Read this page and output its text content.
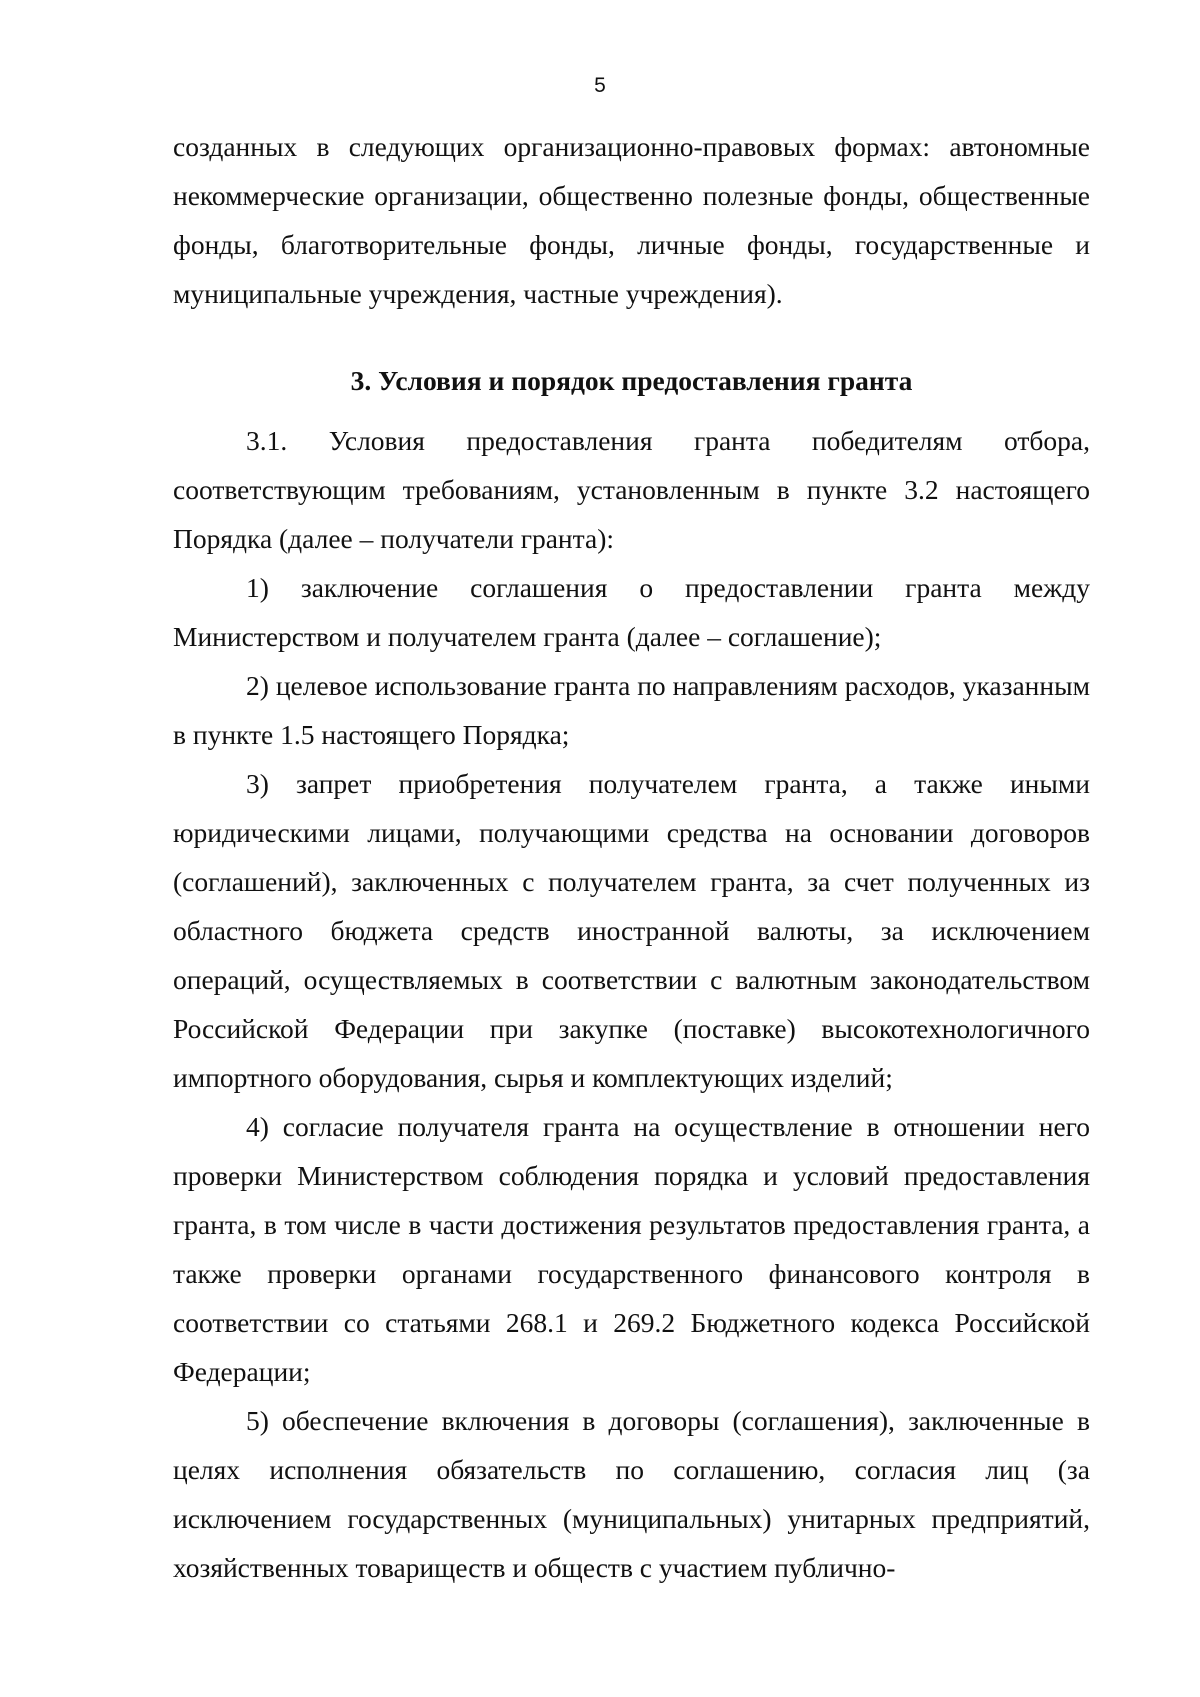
5

созданных в следующих организационно-правовых формах: автономные некоммерческие организации, общественно полезные фонды, общественные фонды, благотворительные фонды, личные фонды, государственные и муниципальные учреждения, частные учреждения).

3. Условия и порядок предоставления гранта

3.1. Условия предоставления гранта победителям отбора, соответствующим требованиям, установленным в пункте 3.2 настоящего Порядка (далее – получатели гранта):

1) заключение соглашения о предоставлении гранта между Министерством и получателем гранта (далее – соглашение);

2) целевое использование гранта по направлениям расходов, указанным в пункте 1.5 настоящего Порядка;

3) запрет приобретения получателем гранта, а также иными юридическими лицами, получающими средства на основании договоров (соглашений), заключенных с получателем гранта, за счет полученных из областного бюджета средств иностранной валюты, за исключением операций, осуществляемых в соответствии с валютным законодательством Российской Федерации при закупке (поставке) высокотехнологичного импортного оборудования, сырья и комплектующих изделий;

4) согласие получателя гранта на осуществление в отношении него проверки Министерством соблюдения порядка и условий предоставления гранта, в том числе в части достижения результатов предоставления гранта, а также проверки органами государственного финансового контроля в соответствии со статьями 268.1 и 269.2 Бюджетного кодекса Российской Федерации;

5) обеспечение включения в договоры (соглашения), заключенные в целях исполнения обязательств по соглашению, согласия лиц (за исключением государственных (муниципальных) унитарных предприятий, хозяйственных товариществ и обществ с участием публично-
